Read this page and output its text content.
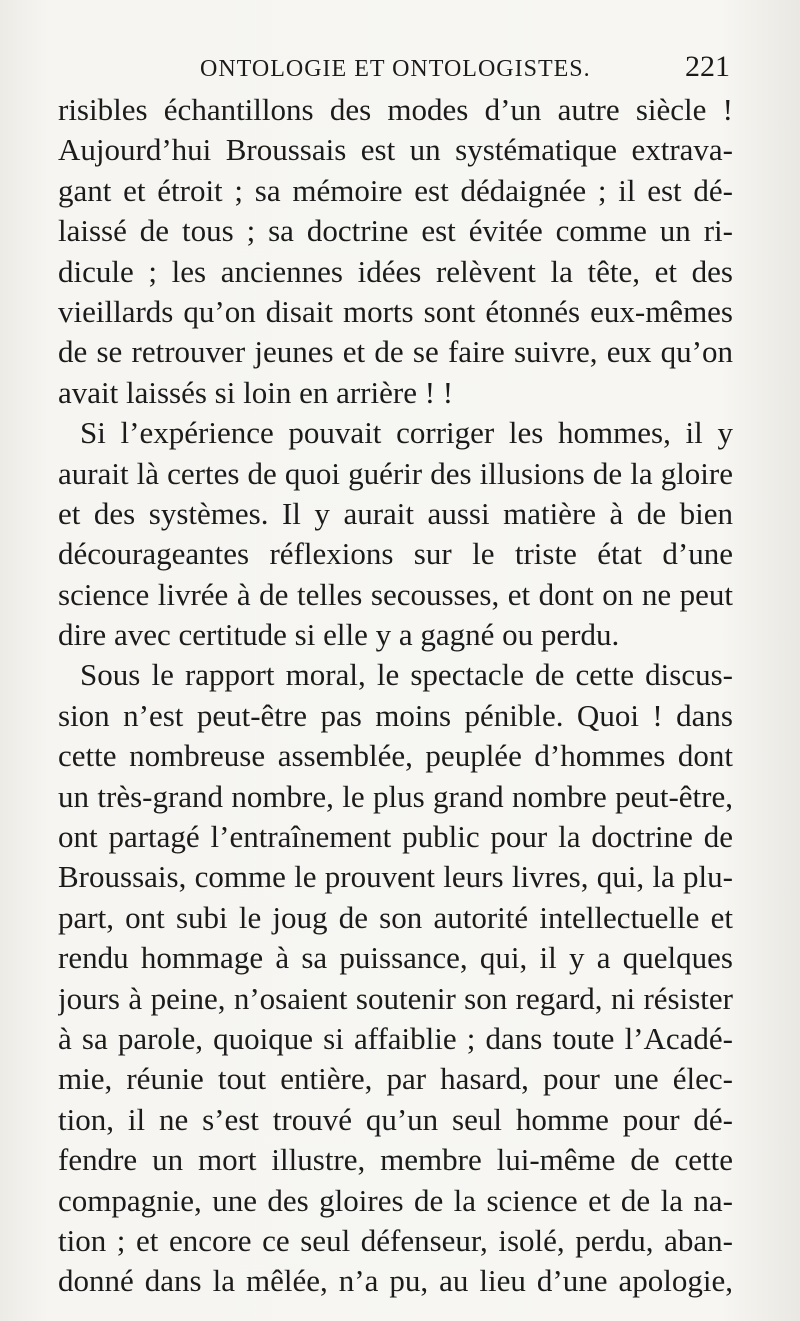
ONTOLOGIE ET ONTOLOGISTES.	221
risibles échantillons des modes d’un autre siècle !
Aujourd’hui Broussais est un systématique extrava-
gant et étroit ; sa mémoire est dédaignée ; il est dé-
laissé de tous ; sa doctrine est évitée comme un ri-
dicule ; les anciennes idées relèvent la tête, et des
vieillards qu’on disait morts sont étonnés eux-mêmes
de se retrouver jeunes et de se faire suivre, eux qu’on
avait laissés si loin en arrière ! !
Si l’expérience pouvait corriger les hommes, il y
aurait là certes de quoi guérir des illusions de la gloire
et des systèmes. Il y aurait aussi matière à de bien
décourageantes réflexions sur le triste état d’une
science livrée à de telles secousses, et dont on ne peut
dire avec certitude si elle y a gagné ou perdu.
Sous le rapport moral, le spectacle de cette discus-
sion n’est peut-être pas moins pénible. Quoi ! dans
cette nombreuse assemblée, peuplée d’hommes dont
un très-grand nombre, le plus grand nombre peut-être,
ont partagé l’entraînement public pour la doctrine de
Broussais, comme le prouvent leurs livres, qui, la plu-
part, ont subi le joug de son autorité intellectuelle et
rendu hommage à sa puissance, qui, il y a quelques
jours à peine, n’osaient soutenir son regard, ni résister
à sa parole, quoique si affaiblie ; dans toute l’Acadé-
mie, réunie tout entière, par hasard, pour une élec-
tion, il ne s’est trouvé qu’un seul homme pour dé-
fendre un mort illustre, membre lui-même de cette
compagnie, une des gloires de la science et de la na-
tion ; et encore ce seul défenseur, isolé, perdu, aban-
donné dans la mêlée, n’a pu, au lieu d’une apologie,
